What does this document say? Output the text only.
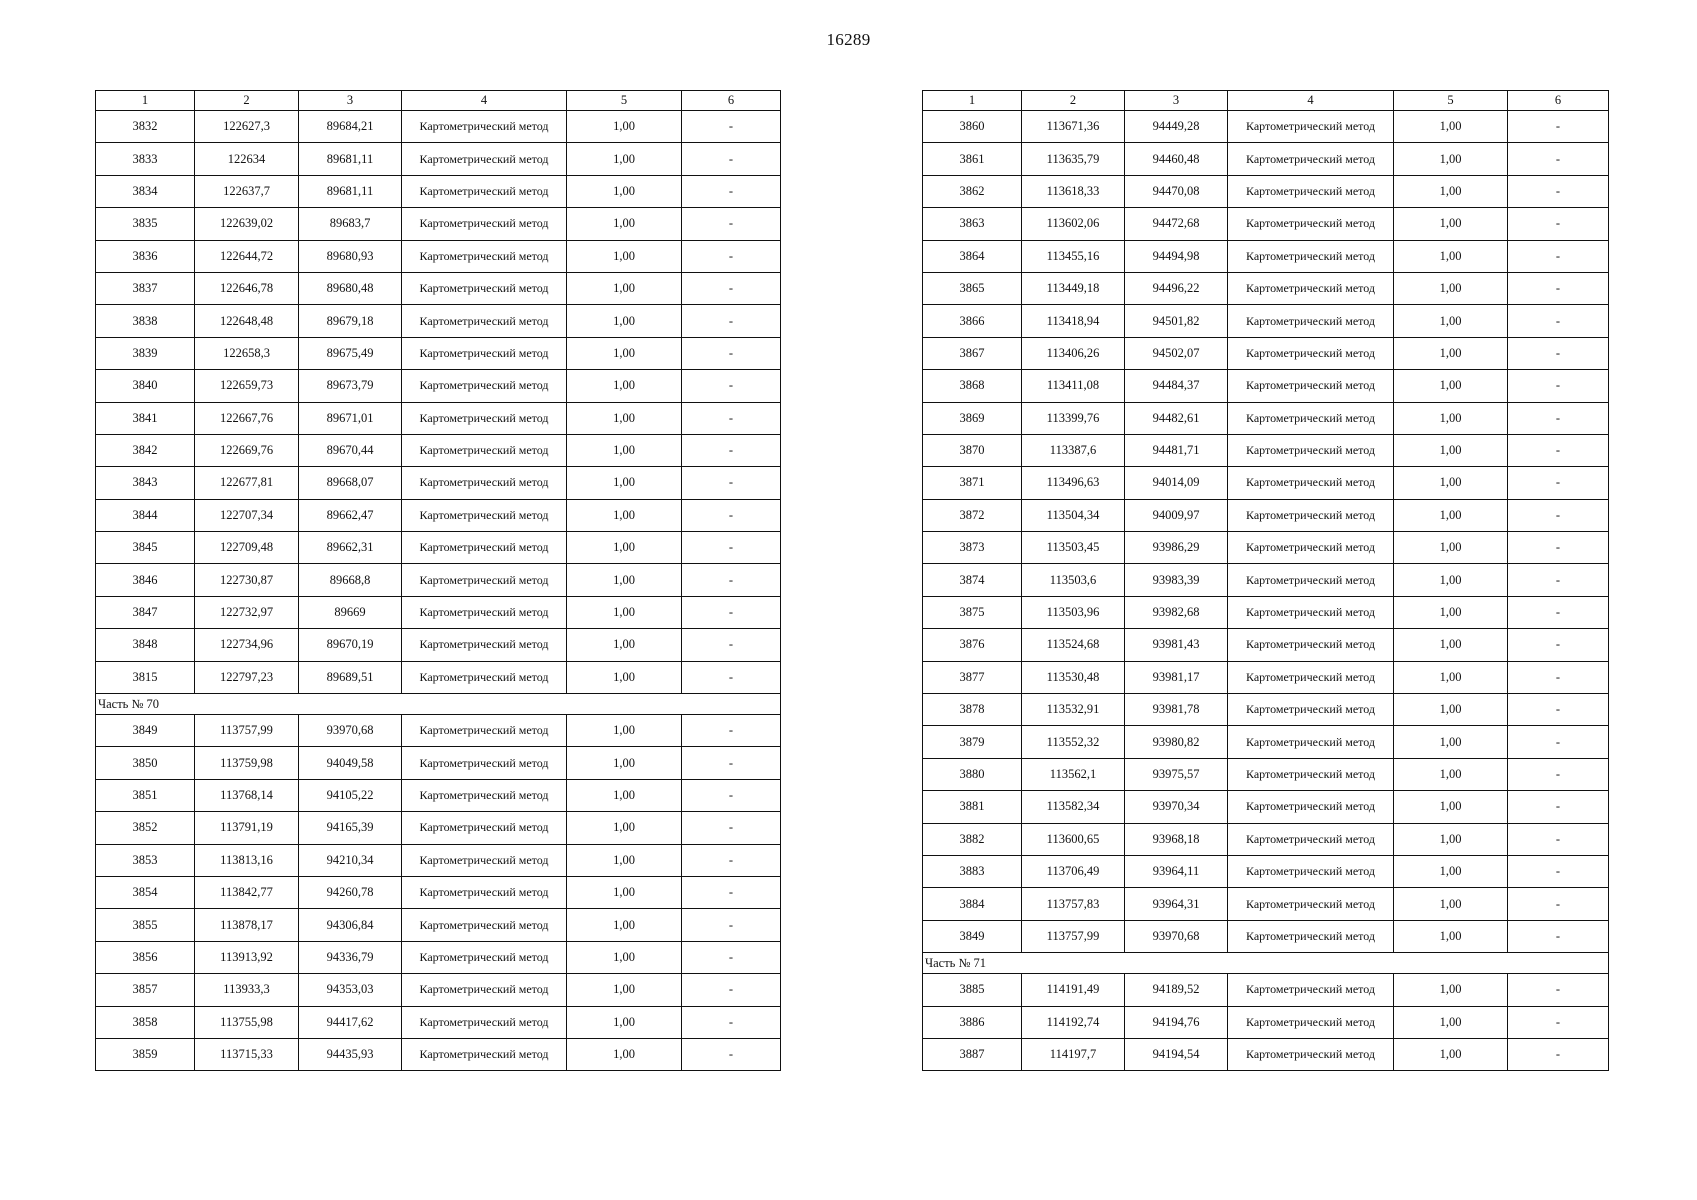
16289
1	2	3	4	5	6
3832	122627,3	89684,21	Картометрический метод	1,00	-
3833	122634	89681,11	Картометрический метод	1,00	-
3834	122637,7	89681,11	Картометрический метод	1,00	-
3835	122639,02	89683,7	Картометрический метод	1,00	-
3836	122644,72	89680,93	Картометрический метод	1,00	-
3837	122646,78	89680,48	Картометрический метод	1,00	-
3838	122648,48	89679,18	Картометрический метод	1,00	-
3839	122658,3	89675,49	Картометрический метод	1,00	-
3840	122659,73	89673,79	Картометрический метод	1,00	-
3841	122667,76	89671,01	Картометрический метод	1,00	-
3842	122669,76	89670,44	Картометрический метод	1,00	-
3843	122677,81	89668,07	Картометрический метод	1,00	-
3844	122707,34	89662,47	Картометрический метод	1,00	-
3845	122709,48	89662,31	Картометрический метод	1,00	-
3846	122730,87	89668,8	Картометрический метод	1,00	-
3847	122732,97	89669	Картометрический метод	1,00	-
3848	122734,96	89670,19	Картометрический метод	1,00	-
3815	122797,23	89689,51	Картометрический метод	1,00	-
Часть № 70					
3849	113757,99	93970,68	Картометрический метод	1,00	-
3850	113759,98	94049,58	Картометрический метод	1,00	-
3851	113768,14	94105,22	Картометрический метод	1,00	-
3852	113791,19	94165,39	Картометрический метод	1,00	-
3853	113813,16	94210,34	Картометрический метод	1,00	-
3854	113842,77	94260,78	Картометрический метод	1,00	-
3855	113878,17	94306,84	Картометрический метод	1,00	-
3856	113913,92	94336,79	Картометрический метод	1,00	-
3857	113933,3	94353,03	Картометрический метод	1,00	-
3858	113755,98	94417,62	Картометрический метод	1,00	-
3859	113715,33	94435,93	Картометрический метод	1,00	-
1	2	3	4	5	6
3860	113671,36	94449,28	Картометрический метод	1,00	-
3861	113635,79	94460,48	Картометрический метод	1,00	-
3862	113618,33	94470,08	Картометрический метод	1,00	-
3863	113602,06	94472,68	Картометрический метод	1,00	-
3864	113455,16	94494,98	Картометрический метод	1,00	-
3865	113449,18	94496,22	Картометрический метод	1,00	-
3866	113418,94	94501,82	Картометрический метод	1,00	-
3867	113406,26	94502,07	Картометрический метод	1,00	-
3868	113411,08	94484,37	Картометрический метод	1,00	-
3869	113399,76	94482,61	Картометрический метод	1,00	-
3870	113387,6	94481,71	Картометрический метод	1,00	-
3871	113496,63	94014,09	Картометрический метод	1,00	-
3872	113504,34	94009,97	Картометрический метод	1,00	-
3873	113503,45	93986,29	Картометрический метод	1,00	-
3874	113503,6	93983,39	Картометрический метод	1,00	-
3875	113503,96	93982,68	Картометрический метод	1,00	-
3876	113524,68	93981,43	Картометрический метод	1,00	-
3877	113530,48	93981,17	Картометрический метод	1,00	-
3878	113532,91	93981,78	Картометрический метод	1,00	-
3879	113552,32	93980,82	Картометрический метод	1,00	-
3880	113562,1	93975,57	Картометрический метод	1,00	-
3881	113582,34	93970,34	Картометрический метод	1,00	-
3882	113600,65	93968,18	Картометрический метод	1,00	-
3883	113706,49	93964,11	Картометрический метод	1,00	-
3884	113757,83	93964,31	Картометрический метод	1,00	-
3849	113757,99	93970,68	Картометрический метод	1,00	-
Часть № 71					
3885	114191,49	94189,52	Картометрический метод	1,00	-
3886	114192,74	94194,76	Картометрический метод	1,00	-
3887	114197,7	94194,54	Картометрический метод	1,00	-
